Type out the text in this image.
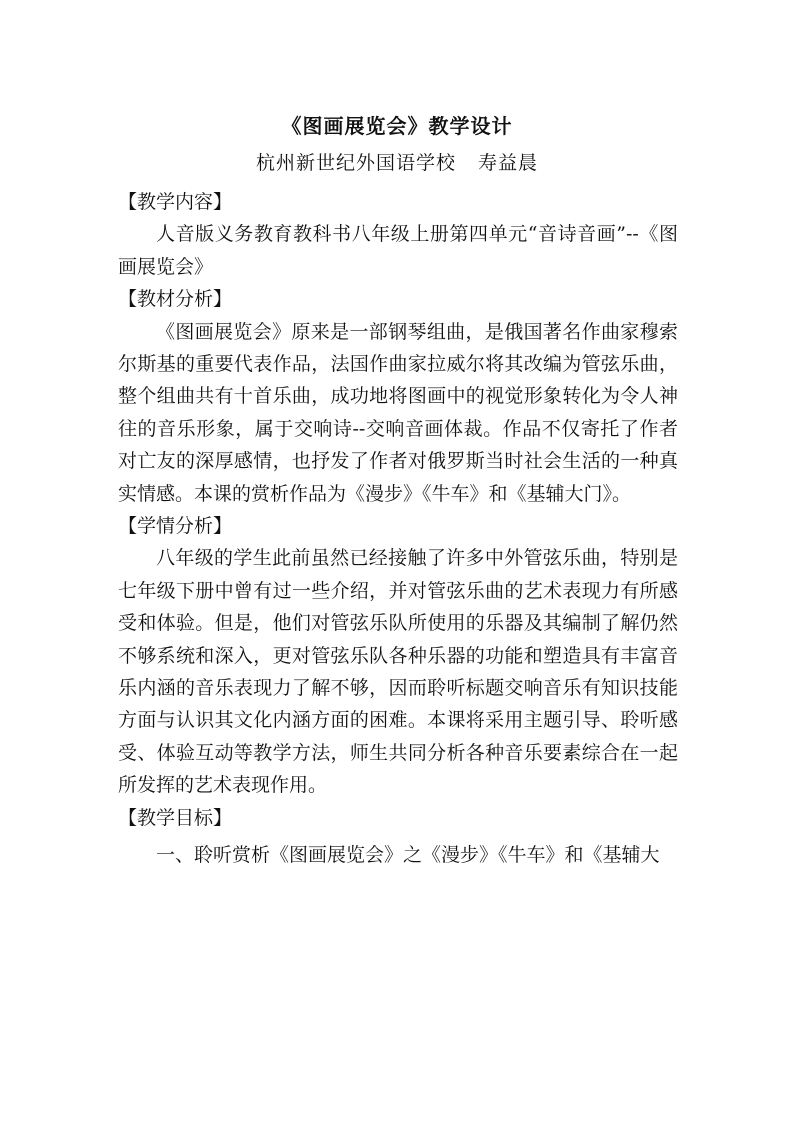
《图画展览会》教学设计
杭州新世纪外国语学校 寿益晨
【教学内容】

人音版义务教育教科书八年级上册第四单元“音诗音画”--《图画展览会》

【教材分析】

《图画展览会》原来是一部钢琴组曲，是俄国著名作曲家穆索尔斯基的重要代表作品，法国作曲家拉威尔将其改编为管弦乐曲，整个组曲共有十首乐曲，成功地将图画中的视觉形象转化为令人神往的音乐形象，属于交响诗--交响音画体裁。作品不仅寄托了作者对亡友的深厚感情，也抒发了作者对俄罗斯当时社会生活的一种真实情感。本课的赏析作品为《漫步》《牛车》和《基辅大门》。

【学情分析】

八年级的学生此前虽然已经接触了许多中外管弦乐曲，特别是七年级下册中曾有过一些介绍，并对管弦乐曲的艺术表现力有所感受和体验。但是，他们对管弦乐队所使用的乐器及其编制了解仍然不够系统和深入，更对管弦乐队各种乐器的功能和塑造具有丰富音乐内涵的音乐表现力了解不够，因而聆听标题交响音乐有知识技能方面与认识其文化内涵方面的困难。本课将采用主题引导、聆听感受、体验互动等教学方法，师生共同分析各种音乐要素综合在一起所发挥的艺术表现作用。

【教学目标】

一、聆听赏析《图画展览会》之《漫步》《牛车》和《基辅大
